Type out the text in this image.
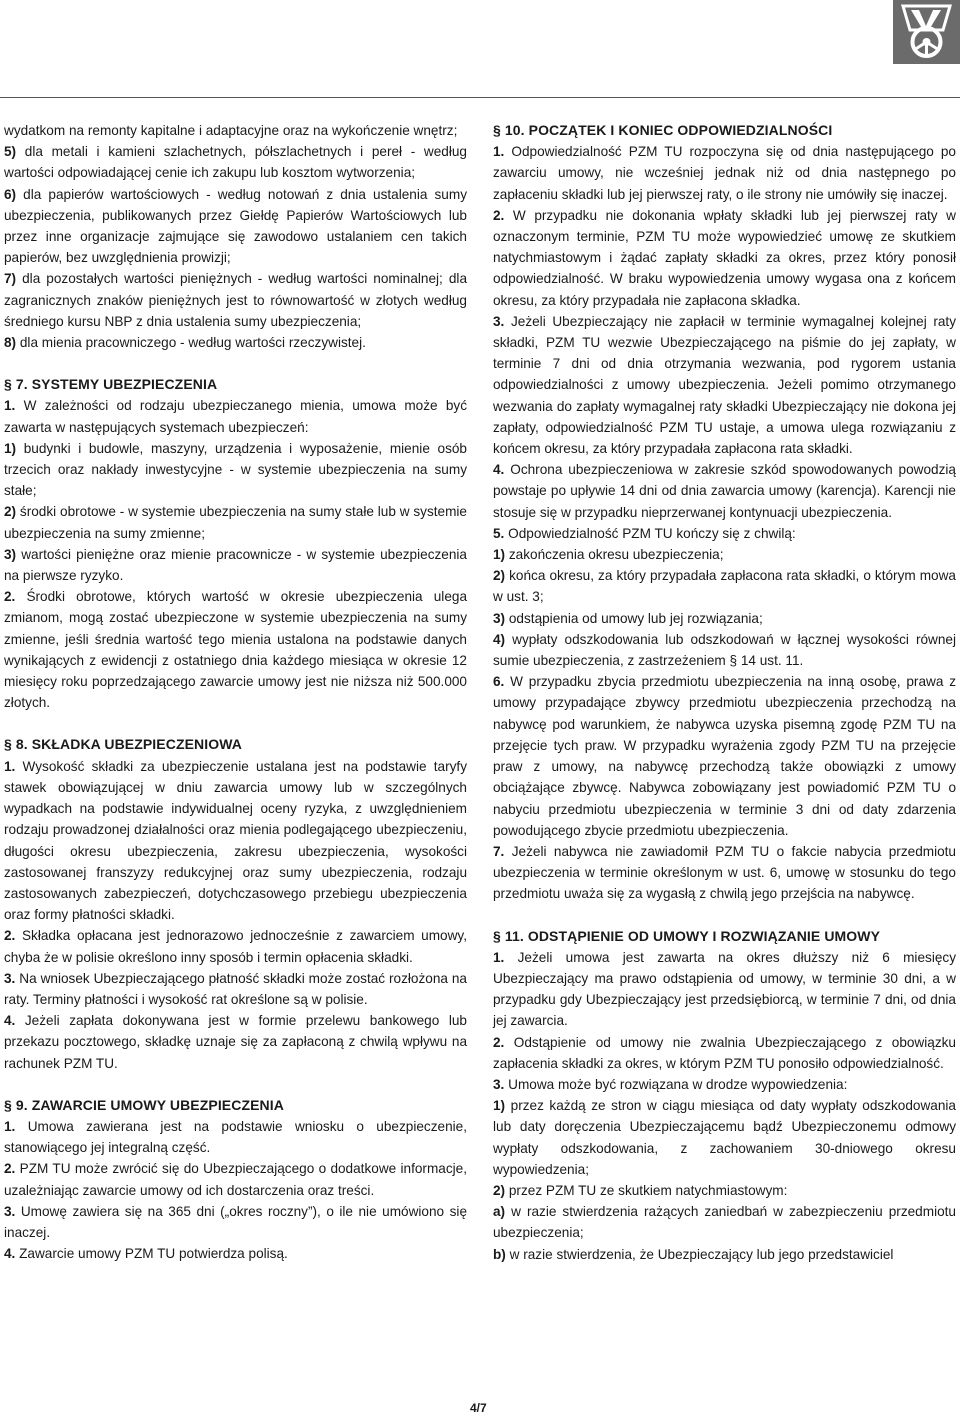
wydatkom na remonty kapitalne i adaptacyjne oraz na wykończenie wnętrz;

5) dla metali i kamieni szlachetnych, półszlachetnych i pereł - według wartości odpowiadającej cenie ich zakupu lub kosztom wytworzenia;

6) dla papierów wartościowych - według notowań z dnia ustalenia sumy ubezpieczenia, publikowanych przez Giełdę Papierów Wartościowych lub przez inne organizacje zajmujące się zawodowo ustalaniem cen takich papierów, bez uwzględnienia prowizji;

7) dla pozostałych wartości pieniężnych - według wartości nominalnej; dla zagranicznych znaków pieniężnych jest to równowartość w złotych według średniego kursu NBP z dnia ustalenia sumy ubezpieczenia;

8) dla mienia pracowniczego - według wartości rzeczywistej.

§ 7. SYSTEMY UBEZPIECZENIA

1. W zależności od rodzaju ubezpieczanego mienia, umowa może być zawarta w następujących systemach ubezpieczeń:

1) budynki i budowle, maszyny, urządzenia i wyposażenie, mienie osób trzecich oraz nakłady inwestycyjne - w systemie ubezpieczenia na sumy stałe;

2) środki obrotowe - w systemie ubezpieczenia na sumy stałe lub w systemie ubezpieczenia na sumy zmienne;

3) wartości pieniężne oraz mienie pracownicze - w systemie ubezpieczenia na pierwsze ryzyko.

2. Środki obrotowe, których wartość w okresie ubezpieczenia ulega zmianom, mogą zostać ubezpieczone w systemie ubezpieczenia na sumy zmienne, jeśli średnia wartość tego mienia ustalona na podstawie danych wynikających z ewidencji z ostatniego dnia każdego miesiąca w okresie 12 miesięcy roku poprzedzającego zawarcie umowy jest nie niższa niż 500.000 złotych.

§ 8. SKŁADKA UBEZPIECZENIOWA

1. Wysokość składki za ubezpieczenie ustalana jest na podstawie taryfy stawek obowiązującej w dniu zawarcia umowy lub w szczególnych wypadkach na podstawie indywidualnej oceny ryzyka, z uwzględnieniem rodzaju prowadzonej działalności oraz mienia podlegającego ubezpieczeniu, długości okresu ubezpieczenia, zakresu ubezpieczenia, wysokości zastosowanej franszyzy redukcyjnej oraz sumy ubezpieczenia, rodzaju zastosowanych zabezpieczeń, dotychczasowego przebiegu ubezpieczenia oraz formy płatności składki.

2. Składka opłacana jest jednorazowo jednocześnie z zawarciem umowy, chyba że w polisie określono inny sposób i termin opłacenia składki.

3. Na wniosek Ubezpieczającego płatność składki może zostać rozłożona na raty. Terminy płatności i wysokość rat określone są w polisie.

4. Jeżeli zapłata dokonywana jest w formie przelewu bankowego lub przekazu pocztowego, składkę uznaje się za zapłaconą z chwilą wpływu na rachunek PZM TU.

§ 9. ZAWARCIE UMOWY UBEZPIECZENIA

1. Umowa zawierana jest na podstawie wniosku o ubezpieczenie, stanowiącego jej integralną część.

2. PZM TU może zwrócić się do Ubezpieczającego o dodatkowe informacje, uzależniając zawarcie umowy od ich dostarczenia oraz treści.

3. Umowę zawiera się na 365 dni („okres roczny”), o ile nie umówiono się inaczej.

4. Zawarcie umowy PZM TU potwierdza polisą.

§ 10. POCZĄTEK I KONIEC ODPOWIEDZIALNOŚCI

1. Odpowiedzialność PZM TU rozpoczyna się od dnia następującego po zawarciu umowy, nie wcześniej jednak niż od dnia następnego po zapłaceniu składki lub jej pierwszej raty, o ile strony nie umówiły się inaczej.

2. W przypadku nie dokonania wpłaty składki lub jej pierwszej raty w oznaczonym terminie, PZM TU może wypowiedzieć umowę ze skutkiem natychmiastowym i żądać zapłaty składki za okres, przez który ponosił odpowiedzialność. W braku wypowiedzenia umowy wygasa ona z końcem okresu, za który przypadała nie zapłacona składka.

3. Jeżeli Ubezpieczający nie zapłacił w terminie wymagalnej kolejnej raty składki, PZM TU wezwie Ubezpieczającego na piśmie do jej zapłaty, w terminie 7 dni od dnia otrzymania wezwania, pod rygorem ustania odpowiedzialności z umowy ubezpieczenia. Jeżeli pomimo otrzymanego wezwania do zapłaty wymagalnej raty składki Ubezpieczający nie dokona jej zapłaty, odpowiedzialność PZM TU ustaje, a umowa ulega rozwiązaniu z końcem okresu, za który przypadała zapłacona rata składki.

4. Ochrona ubezpieczeniowa w zakresie szkód spowodowanych powodzią powstaje po upływie 14 dni od dnia zawarcia umowy (karencja). Karencji nie stosuje się w przypadku nieprzerwanej kontynuacji ubezpieczenia.

5. Odpowiedzialność PZM TU kończy się z chwilą:

1) zakończenia okresu ubezpieczenia;

2) końca okresu, za który przypadała zapłacona rata składki, o którym mowa w ust. 3;

3) odstąpienia od umowy lub jej rozwiązania;

4) wypłaty odszkodowania lub odszkodowań w łącznej wysokości równej sumie ubezpieczenia, z zastrzeżeniem § 14 ust. 11.

6. W przypadku zbycia przedmiotu ubezpieczenia na inną osobę, prawa z umowy przypadające zbywcy przedmiotu ubezpieczenia przechodzą na nabywcę pod warunkiem, że nabywca uzyska pisemną zgodę PZM TU na przejęcie tych praw. W przypadku wyrażenia zgody PZM TU na przejęcie praw z umowy, na nabywcę przechodzą także obowiązki z umowy obciążające zbywcę. Nabywca zobowiązany jest powiadomić PZM TU o nabyciu przedmiotu ubezpieczenia w terminie 3 dni od daty zdarzenia powodującego zbycie przedmiotu ubezpieczenia.

7. Jeżeli nabywca nie zawiadomił PZM TU o fakcie nabycia przedmiotu ubezpieczenia w terminie określonym w ust. 6, umowę w stosunku do tego przedmiotu uważa się za wygasłą z chwilą jego przejścia na nabywcę.

§ 11. ODSTĄPIENIE OD UMOWY I ROZWIĄZANIE UMOWY

1. Jeżeli umowa jest zawarta na okres dłuższy niż 6 miesięcy Ubezpieczający ma prawo odstąpienia od umowy, w terminie 30 dni, a w przypadku gdy Ubezpieczający jest przedsiębiorcą, w terminie 7 dni, od dnia jej zawarcia.

2. Odstąpienie od umowy nie zwalnia Ubezpieczającego z obowiązku zapłacenia składki za okres, w którym PZM TU ponosiło odpowiedzialność.

3. Umowa może być rozwiązana w drodze wypowiedzenia:

1) przez każdą ze stron w ciągu miesiąca od daty wypłaty odszkodowania lub daty doręczenia Ubezpieczającemu bądź Ubezpieczonemu odmowy wypłaty odszkodowania, z zachowaniem 30-dniowego okresu wypowiedzenia;

2) przez PZM TU ze skutkiem natychmiastowym:

a) w razie stwierdzenia rażących zaniedbań w zabezpieczeniu przedmiotu ubezpieczenia;

b) w razie stwierdzenia, że Ubezpieczający lub jego przedstawiciel

4/7
